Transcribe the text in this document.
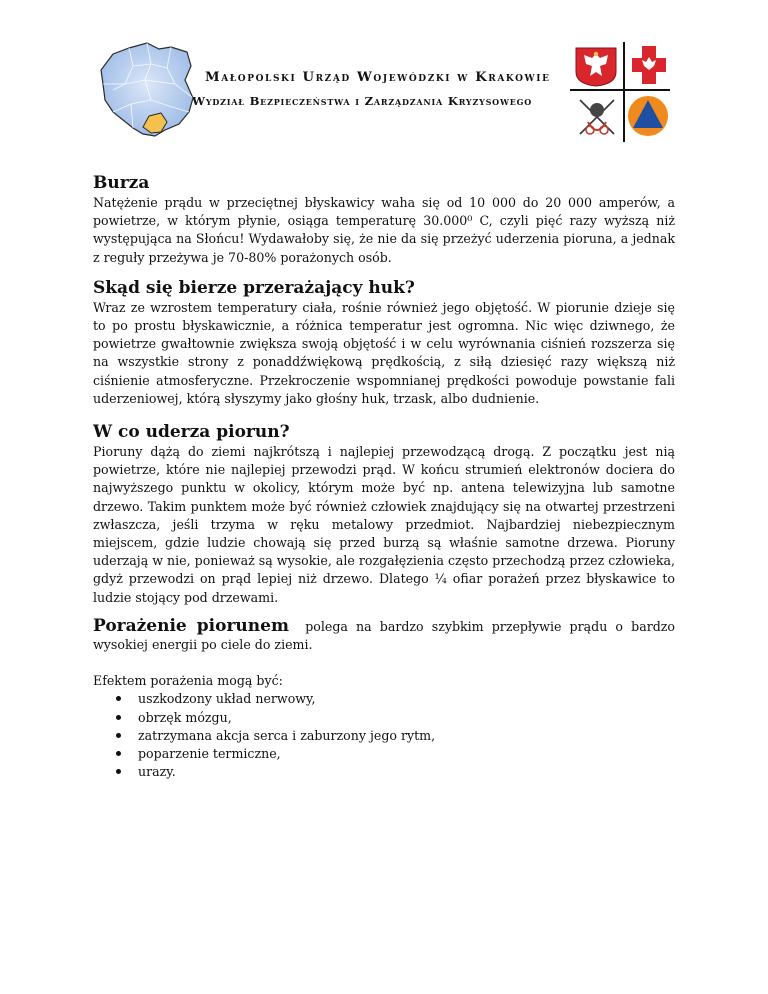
Małopolski Urząd Wojewódzki w Krakowie
Wydział Bezpieczeństwa i Zarządzania Kryzysowego
Burza

Natężenie prądu w przeciętnej błyskawicy waha się od 10 000 do 20 000 amperów, a powietrze, w którym płynie, osiąga temperaturę 30.000⁰ C, czyli pięć razy wyższą niż występująca na Słońcu! Wydawałoby się, że nie da się przeżyć uderzenia pioruna, a jednak z reguły przeżywa je 70-80% porażonych osób.

Skąd się bierze przerażający huk?

Wraz ze wzrostem temperatury ciała, rośnie również jego objętość. W piorunie dzieje się to po prostu błyskawicznie, a różnica temperatur jest ogromna. Nic więc dziwnego, że powietrze gwałtownie zwiększa swoją objętość i w celu wyrównania ciśnień rozszerza się na wszystkie strony z ponaddźwiękową prędkością, z siłą dziesięć razy większą niż ciśnienie atmosferyczne. Przekroczenie wspomnianej prędkości powoduje powstanie fali uderzeniowej, którą słyszymy jako głośny huk, trzask, albo dudnienie.

W co uderza piorun?

Pioruny dążą do ziemi najkrótszą i najlepiej przewodzącą drogą. Z początku jest nią powietrze, które nie najlepiej przewodzi prąd. W końcu strumień elektronów dociera do najwyższego punktu w okolicy, którym może być np. antena telewizyjna lub samotne drzewo. Takim punktem może być również człowiek znajdujący się na otwartej przestrzeni zwłaszcza, jeśli trzyma w ręku metalowy przedmiot. Najbardziej niebezpiecznym miejscem, gdzie ludzie chowają się przed burzą są właśnie samotne drzewa. Pioruny uderzają w nie, ponieważ są wysokie, ale rozgałęzienia często przechodzą przez człowieka, gdyż przewodzi on prąd lepiej niż drzewo. Dlatego ¼ ofiar porażeń przez błyskawice to ludzie stojący pod drzewami.

Porażenie piorunem polega na bardzo szybkim przepływie prądu o bardzo wysokiej energii po ciele do ziemi.

Efektem porażenia mogą być:

uszkodzony układ nerwowy,
obrzęk mózgu,
zatrzymana akcja serca i zaburzony jego rytm,
poparzenie termiczne,
urazy.
